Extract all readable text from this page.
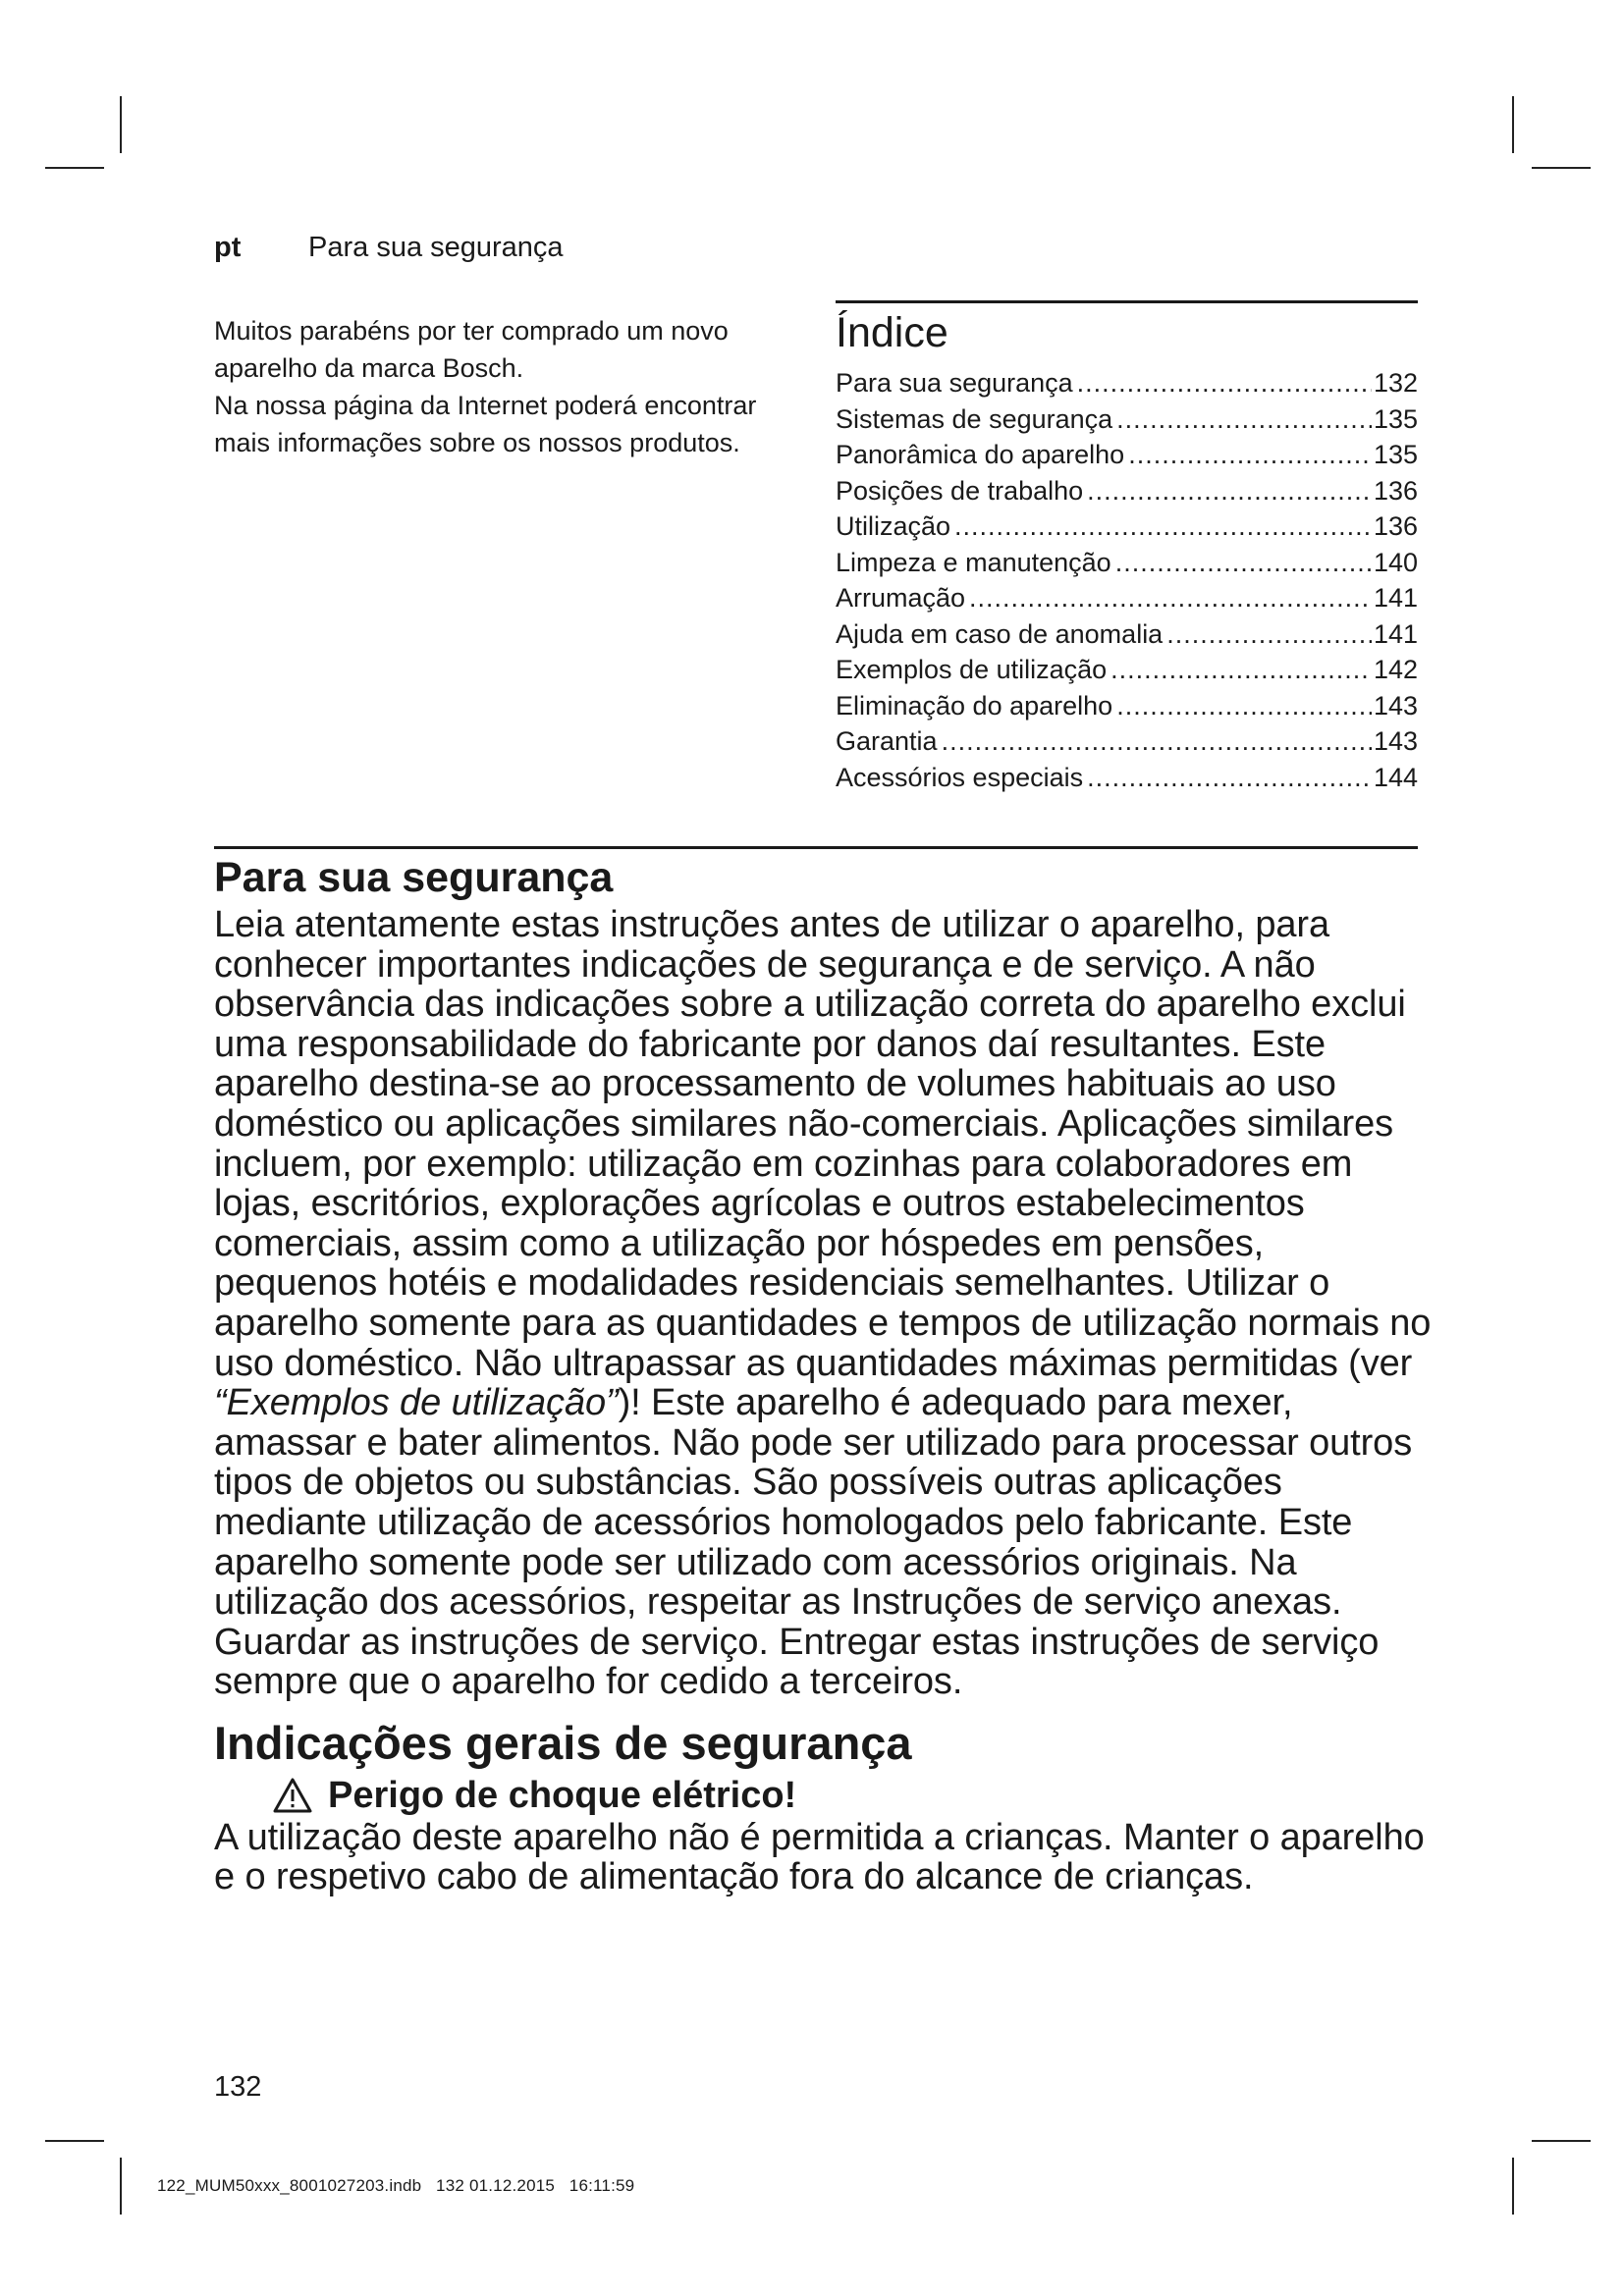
pt Para sua segurança

Muitos parabéns por ter comprado um novo aparelho da marca Bosch.

Na nossa página da Internet poderá encontrar mais informações sobre os nossos produtos.

Índice
Para sua segurança .....	132
Sistemas de segurança .....	135
Panorâmica do aparelho .....	135
Posições de trabalho .....	136
Utilização .....	136
Limpeza e manutenção .....	140
Arrumação .....	141
Ajuda em caso de anomalia .....	141
Exemplos de utilização .....	142
Eliminação do aparelho .....	143
Garantia .....	143
Acessórios especiais .....	144
Para sua segurança

Leia atentamente estas instruções antes de utilizar o aparelho, para conhecer importantes indicações de segurança e de serviço. A não observância das indicações sobre a utilização correta do aparelho exclui uma responsabilidade do fabricante por danos daí resultantes. Este aparelho destina-se ao processamento de volumes habituais ao uso doméstico ou aplicações similares não-comerciais. Aplicações similares incluem, por exemplo: utilização em cozinhas para colaboradores em lojas, escritórios, explorações agrícolas e outros estabelecimentos comerciais, assim como a utilização por hóspedes em pensões, pequenos hotéis e modalidades residenciais semelhantes. Utilizar o aparelho somente para as quantidades e tempos de utilização normais no uso doméstico. Não ultrapassar as quantidades máximas permitidas (ver “Exemplos de utilização”)! Este aparelho é adequado para mexer, amassar e bater alimentos. Não pode ser utilizado para processar outros tipos de objetos ou substâncias. São possíveis outras aplicações mediante utilização de acessórios homologados pelo fabricante. Este aparelho somente pode ser utilizado com acessórios originais. Na utilização dos acessórios, respeitar as Instruções de serviço anexas. Guardar as instruções de serviço. Entregar estas instruções de serviço sempre que o aparelho for cedido a terceiros.

Indicações gerais de segurança
Perigo de choque elétrico!

A utilização deste aparelho não é permitida a crianças. Manter o aparelho e o respetivo cabo de alimentação fora do alcance de crianças.

132
122_MUM50xxx_8001027203.indb   132 01.12.2015   16:11:59
